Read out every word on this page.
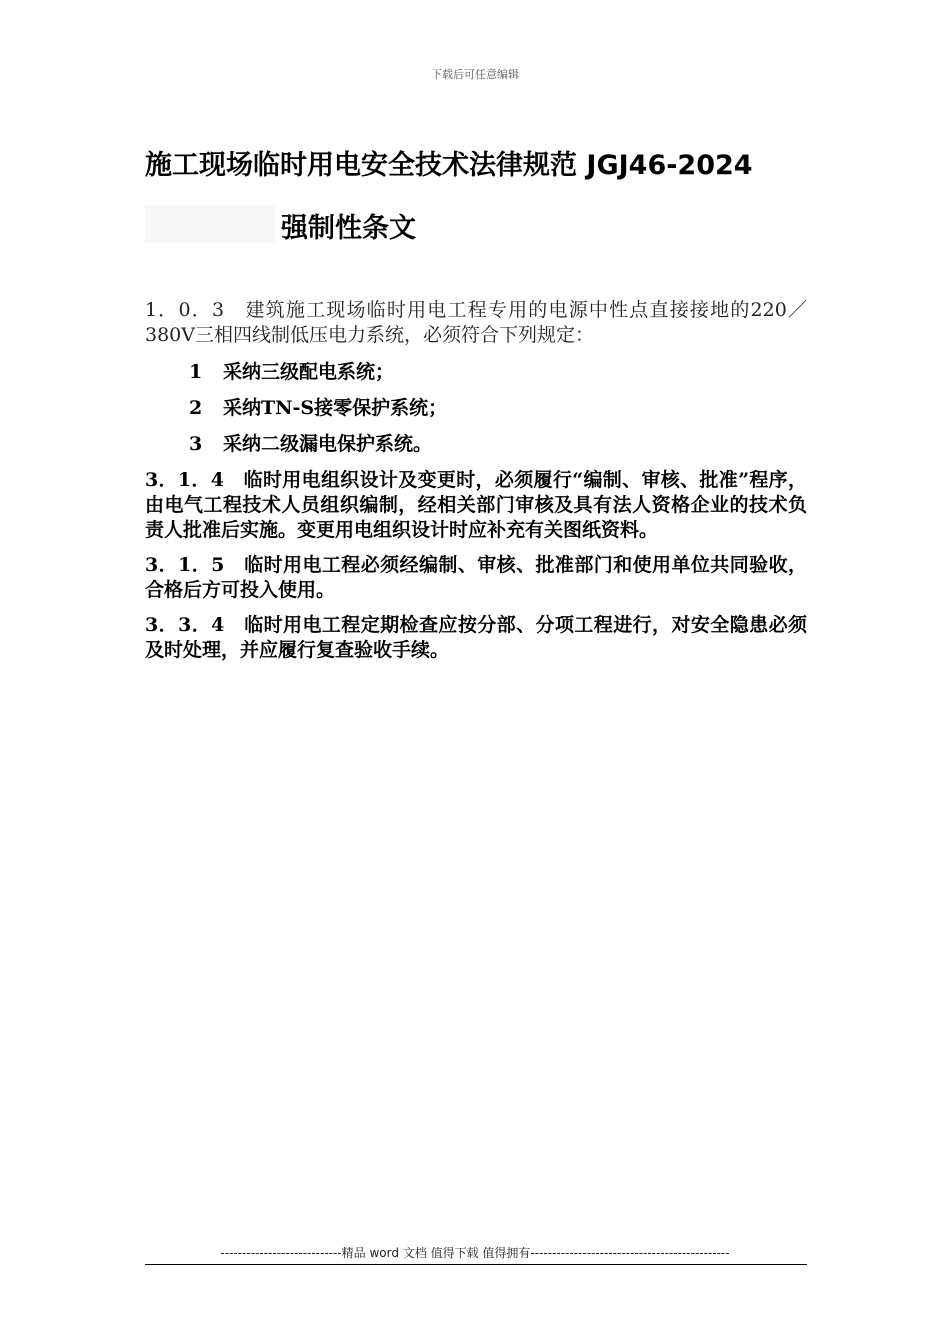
下载后可任意编辑
施工现场临时用电安全技术法律规范 JGJ46-2024
强制性条文

1．0．3　建筑施工现场临时用电工程专用的电源中性点直接接地的220／380V三相四线制低压电力系统，必须符合下列规定：

1 采纳三级配电系统；
2 采纳TN-S接零保护系统；
3 采纳二级漏电保护系统。

3．1．4　临时用电组织设计及变更时，必须履行“编制、审核、批准”程序，由电气工程技术人员组织编制，经相关部门审核及具有法人资格企业的技术负责人批准后实施。变更用电组织设计时应补充有关图纸资料。

3．1．5　临时用电工程必须经编制、审核、批准部门和使用单位共同验收，合格后方可投入使用。

3．3．4　临时用电工程定期检查应按分部、分项工程进行，对安全隐患必须及时处理，并应履行复查验收手续。

----------------------------精品 word 文档 值得下载 值得拥有----------------------------------------------
